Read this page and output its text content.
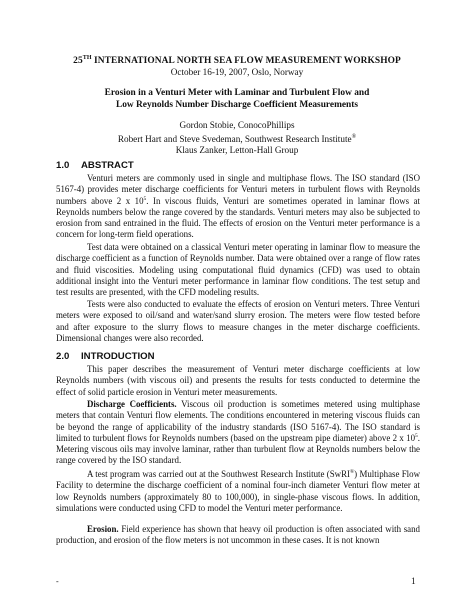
25TH INTERNATIONAL NORTH SEA FLOW MEASUREMENT WORKSHOP
October 16-19, 2007, Oslo, Norway
Erosion in a Venturi Meter with Laminar and Turbulent Flow and
Low Reynolds Number Discharge Coefficient Measurements
Gordon Stobie, ConocoPhillips
Robert Hart and Steve Svedeman, Southwest Research Institute®
Klaus Zanker, Letton-Hall Group
1.0 ABSTRACT
Venturi meters are commonly used in single and multiphase flows. The ISO standard (ISO 5167-4) provides meter discharge coefficients for Venturi meters in turbulent flows with Reynolds numbers above 2 x $10^5$. In viscous fluids, Venturi are sometimes operated in laminar flows at Reynolds numbers below the range covered by the standards. Venturi meters may also be subjected to erosion from sand entrained in the fluid. The effects of erosion on the Venturi meter performance is a concern for long-term field operations.
Test data were obtained on a classical Venturi meter operating in laminar flow to measure the discharge coefficient as a function of Reynolds number. Data were obtained over a range of flow rates and fluid viscosities. Modeling using computational fluid dynamics (CFD) was used to obtain additional insight into the Venturi meter performance in laminar flow conditions. The test setup and test results are presented, with the CFD modeling results.
Tests were also conducted to evaluate the effects of erosion on Venturi meters. Three Venturi meters were exposed to oil/sand and water/sand slurry erosion. The meters were flow tested before and after exposure to the slurry flows to measure changes in the meter discharge coefficients. Dimensional changes were also recorded.
2.0 INTRODUCTION
This paper describes the measurement of Venturi meter discharge coefficients at low Reynolds numbers (with viscous oil) and presents the results for tests conducted to determine the effect of solid particle erosion in Venturi meter measurements.
Discharge Coefficients. Viscous oil production is sometimes metered using multiphase meters that contain Venturi flow elements. The conditions encountered in metering viscous fluids can be beyond the range of applicability of the industry standards (ISO 5167-4). The ISO standard is limited to turbulent flows for Reynolds numbers (based on the upstream pipe diameter) above 2 x $10^5$. Metering viscous oils may involve laminar, rather than turbulent flow at Reynolds numbers below the range covered by the ISO standard.
A test program was carried out at the Southwest Research Institute (SwRI®) Multiphase Flow Facility to determine the discharge coefficient of a nominal four-inch diameter Venturi flow meter at low Reynolds numbers (approximately 80 to 100,000), in single-phase viscous flows. In addition, simulations were conducted using CFD to model the Venturi meter performance.
Erosion. Field experience has shown that heavy oil production is often associated with sand production, and erosion of the flow meters is not uncommon in these cases. It is not known
-	1
